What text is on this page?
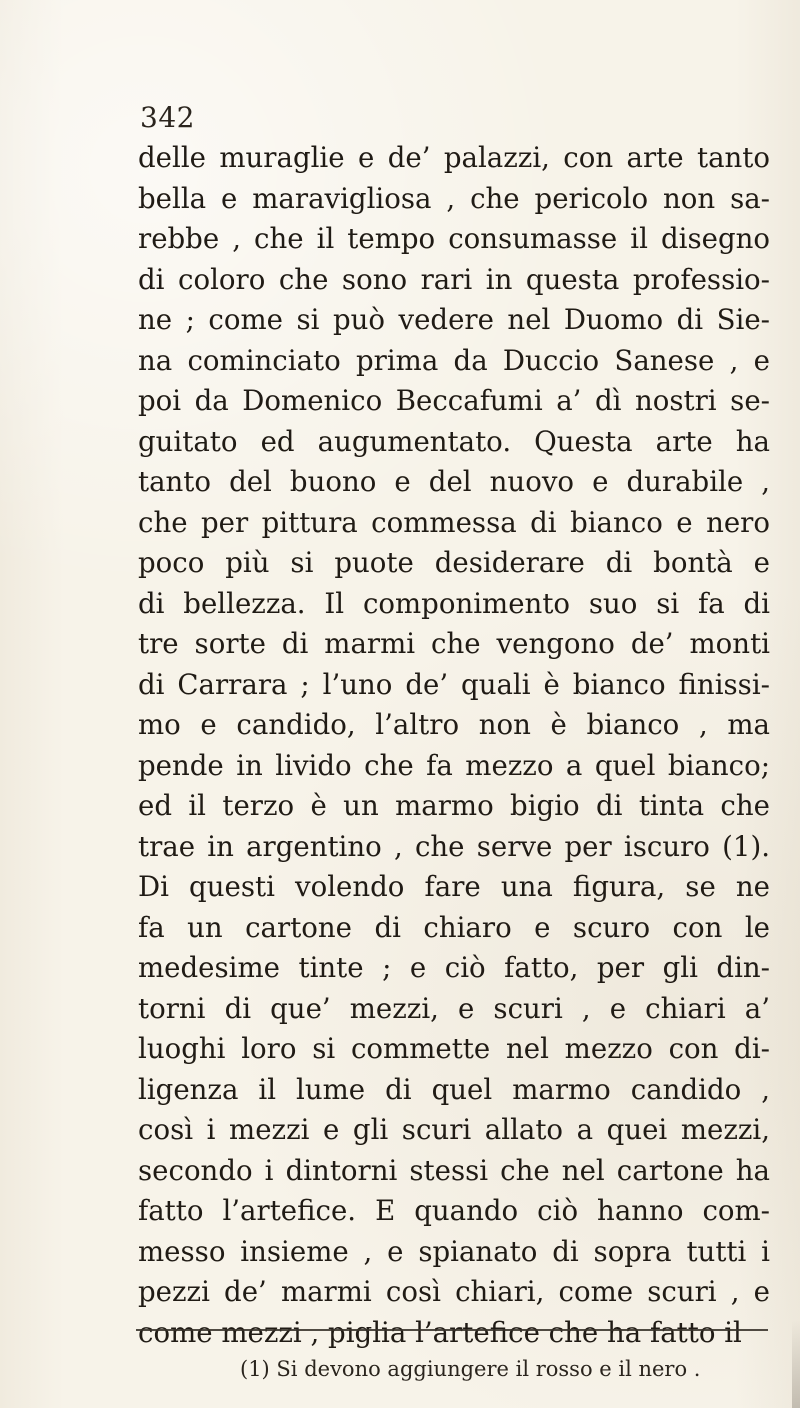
342
delle muraglie e de’ palazzi, con arte tanto
bella e maravigliosa , che pericolo non sa-
rebbe , che il tempo consumasse il disegno
di coloro che sono rari in questa professio-
ne ; come si può vedere nel Duomo di Sie-
na cominciato prima da Duccio Sanese , e
poi da Domenico Beccafumi a’ dì nostri se-
guitato ed augumentato. Questa arte ha
tanto del buono e del nuovo e durabile ,
che per pittura commessa di bianco e nero
poco più si puote desiderare di bontà e
di bellezza. Il componimento suo si fa di
tre sorte di marmi che vengono de’ monti
di Carrara ; l’uno de’ quali è bianco finissi-
mo e candido, l’altro non è bianco , ma
pende in livido che fa mezzo a quel bianco;
ed il terzo è un marmo bigio di tinta che
trae in argentino , che serve per iscuro (1).
Di questi volendo fare una figura, se ne
fa un cartone di chiaro e scuro con le
medesime tinte ; e ciò fatto, per gli din-
torni di que’ mezzi, e scuri , e chiari a’
luoghi loro si commette nel mezzo con di-
ligenza il lume di quel marmo candido ,
così i mezzi e gli scuri allato a quei mezzi,
secondo i dintorni stessi che nel cartone ha
fatto l’artefice. E quando ciò hanno com-
messo insieme , e spianato di sopra tutti i
pezzi de’ marmi così chiari, come scuri , e
come mezzi , piglia l’artefice che ha fatto il
(1) Si devono aggiungere il rosso e il nero .
